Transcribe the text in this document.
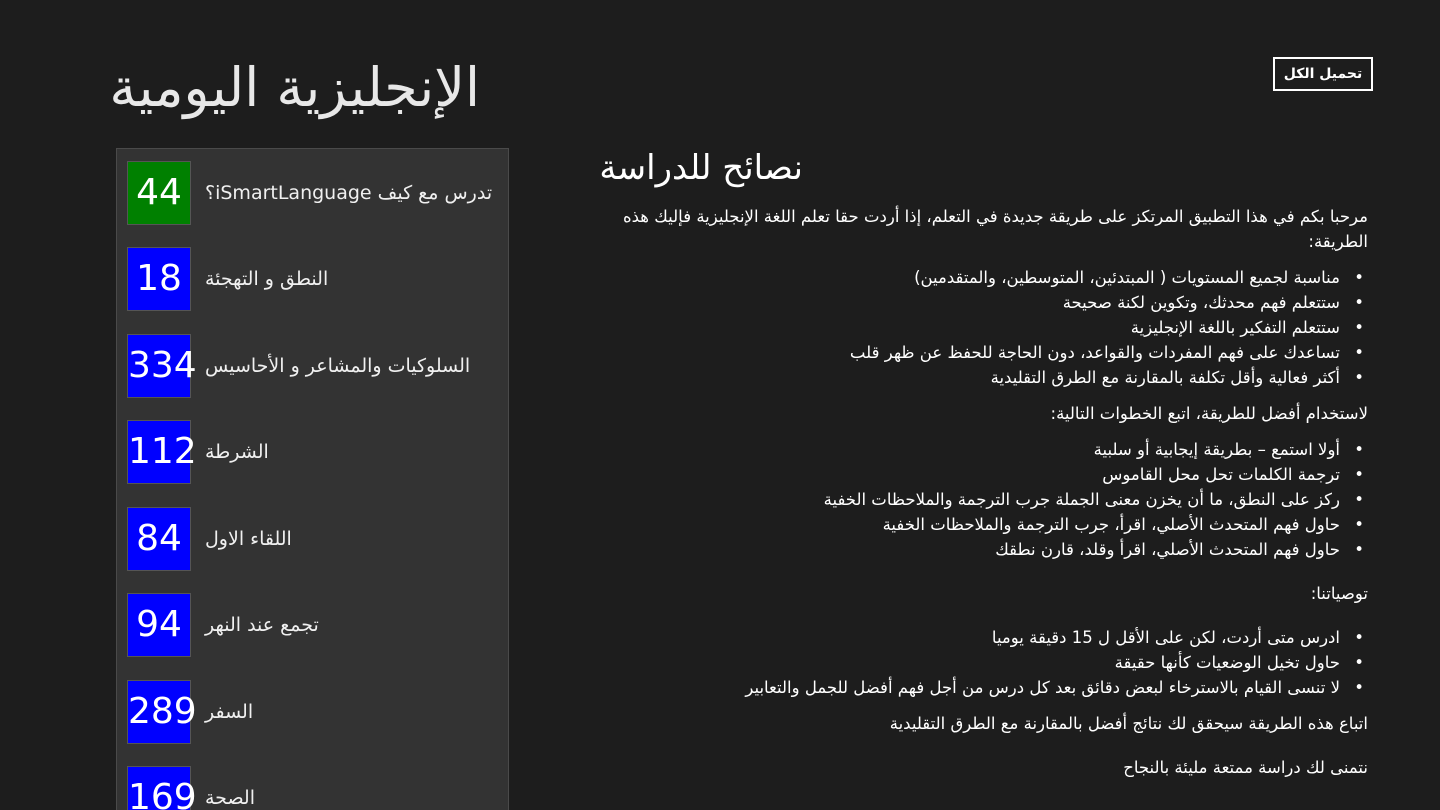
الإنجليزية اليومية	تحميل الكل
44	تدرس مع كيف iSmartLanguage؟
18	النطق و التهجئة
334 السلوكيات والمشاعر و الأحاسيس
112 الشرطة
84	اللقاء الاول
94	تجمع عند النهر
289 السفر
169 الصحة
نصائح للدراسة

مرحبا بكم في هذا التطبيق المرتكز على طريقة جديدة في التعلم، إذا أردت حقا تعلم اللغة الإنجليزية فإليك هذه الطريقة:

• مناسبة لجميع المستويات ( المبتدئين، المتوسطين، والمتقدمين)
• ستتعلم فهم محدثك، وتكوين لكنة صحيحة
• ستتعلم التفكير باللغة الإنجليزية
• تساعدك على فهم المفردات والقواعد، دون الحاجة للحفظ عن ظهر قلب
• أكثر فعالية وأقل تكلفة بالمقارنة مع الطرق التقليدية

لاستخدام أفضل للطريقة، اتبع الخطوات التالية:

• أولا استمع – بطريقة إيجابية أو سلبية
• ترجمة الكلمات تحل محل القاموس
• ركز على النطق، ما أن يخزن معنى الجملة جرب الترجمة والملاحظات الخفية
• حاول فهم المتحدث الأصلي، اقرأ، جرب الترجمة والملاحظات الخفية
• حاول فهم المتحدث الأصلي، اقرأ وقلد، قارن نطقك

توصياتنا:

• ادرس متى أردت، لكن على الأقل ل 15 دقيقة يوميا
• حاول تخيل الوضعيات كأنها حقيقة
• لا تنسى القيام بالاسترخاء لبعض دقائق بعد كل درس من أجل فهم أفضل للجمل والتعابير

اتباع هذه الطريقة سيحقق لك نتائج أفضل بالمقارنة مع الطرق التقليدية

نتمنى لك دراسة ممتعة مليئة بالنجاح
